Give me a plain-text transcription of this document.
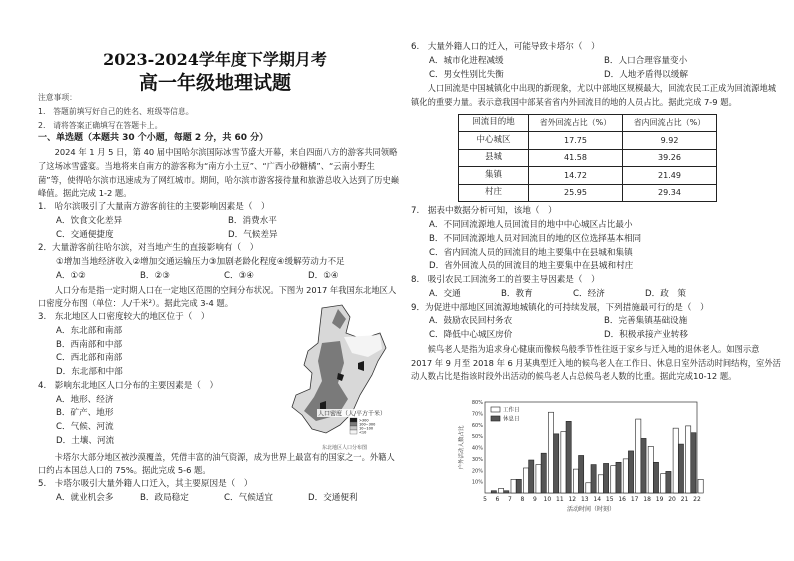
2023-2024学年度下学期月考
高一年级地理试题
注意事项：
1.　答题前填写好自己的姓名、班级等信息。
2.　请将答案正确填写在答题卡上。
一、单选题（本题共 30 个小题，每题 2 分，共 60 分）
2024 年 1 月 5 日，第 40 届中国哈尔滨国际冰雪节盛大开幕，来自四面八方的游客共同领略了这场冰雪盛宴。当地将来自南方的游客称为“南方小土豆”、“广西小砂糖橘”、“云南小野生菌”等，使得哈尔滨市迅速成为了网红城市。期间，哈尔滨市游客接待量和旅游总收入达到了历史巅峰值。据此完成 1-2 题。
1.　哈尔滨吸引了大量南方游客前往的主要影响因素是（　）
A．饮食文化差异	B．消费水平
C．交通便捷度	D．气候差异
2．大量游客前往哈尔滨，对当地产生的直接影响有（　）
①增加当地经济收入②增加交通运输压力③加剧老龄化程度④缓解劳动力不足
A．①②	B．②③	C．③④	D．①④
人口分布是指一定时期人口在一定地区范围的空间分布状况。下图为 2017 年我国东北地区人口密度分布图（单位：人/千米²）。据此完成 3-4 题。
3.　东北地区人口密度较大的地区位于（　）
A．东北部和南部
B．西南部和中部
C．西北部和南部
D．东北部和中部
4.　影响东北地区人口分布的主要因素是（　）
A．地形、经济
B．矿产、地形
C．气候、河流
D．土壤、河流
卡塔尔大部分地区被沙漠覆盖，凭借丰富的油气资源，成为世界上最富有的国家之一。外籍人口约占本国总人口的 75%。据此完成 5-6 题。
5.　卡塔尔吸引大量外籍人口迁入，其主要原因是（　）
A．就业机会多	B．政局稳定	C．气候适宜	D．交通便利
人口密度（人/平方千米）
>300
100~300
10~100
<10
东北地区人口分布图
6.　大量外籍人口的迁入，可能导致卡塔尔（　）
A．城市化进程减缓	B．人口合理容量变小
C．男女性别比失衡	D．人地矛盾得以缓解
人口回流是中国城镇化中出现的新现象，尤以中部地区规模最大，回流农民工正成为回流源地城镇化的重要力量。表示意我国中部某省省内外回流目的地的人员占比。据此完成 7-9 题。
回流目的地	省外回流占比（%）	省内回流占比（%）
中心城区	17.75	9.92
县城	41.58	39.26
集镇	14.72	21.49
村庄	25.95	29.34
7.　据表中数据分析可知，该地（　）
A．不同回流源地人员回流目的地中中心城区占比最小
B．不同回流源地人员对回流目的地的区位选择基本相同
C．省内回流人员的回流目的地主要集中在县城和集镇
D．省外回流人员的回流目的地主要集中在县城和村庄
8.　吸引农民工回流务工的首要主导因素是（　）
A．交通	B．教育	C．经济	D．政　策
9．为促进中部地区回流源地城镇化的可持续发展，下列措施最可行的是（　）
A．鼓励农民回村务农	B．完善集镇基础设施
C．降低中心城区房价	D．积极承接产业转移
候鸟老人是指为追求身心健康而像候鸟般季节性往返于家乡与迁入地的退休老人。如图示意 2017 年 9 月至 2018 年 6 月某典型迁入地的候鸟老人在工作日、休息日室外活动时间结构，室外活动人数占比是指该时段外出活动的候鸟老人占总候鸟老人数的比重。据此完成10-12 题。
10%
20%
30%
40%
50%
60%
70%
80%
5 6 7 8 9 10 11 12 13 14 15 16 17 18 19 20 21 22
活动时间（时刻）
户外活动人数占比
工作日
休息日
